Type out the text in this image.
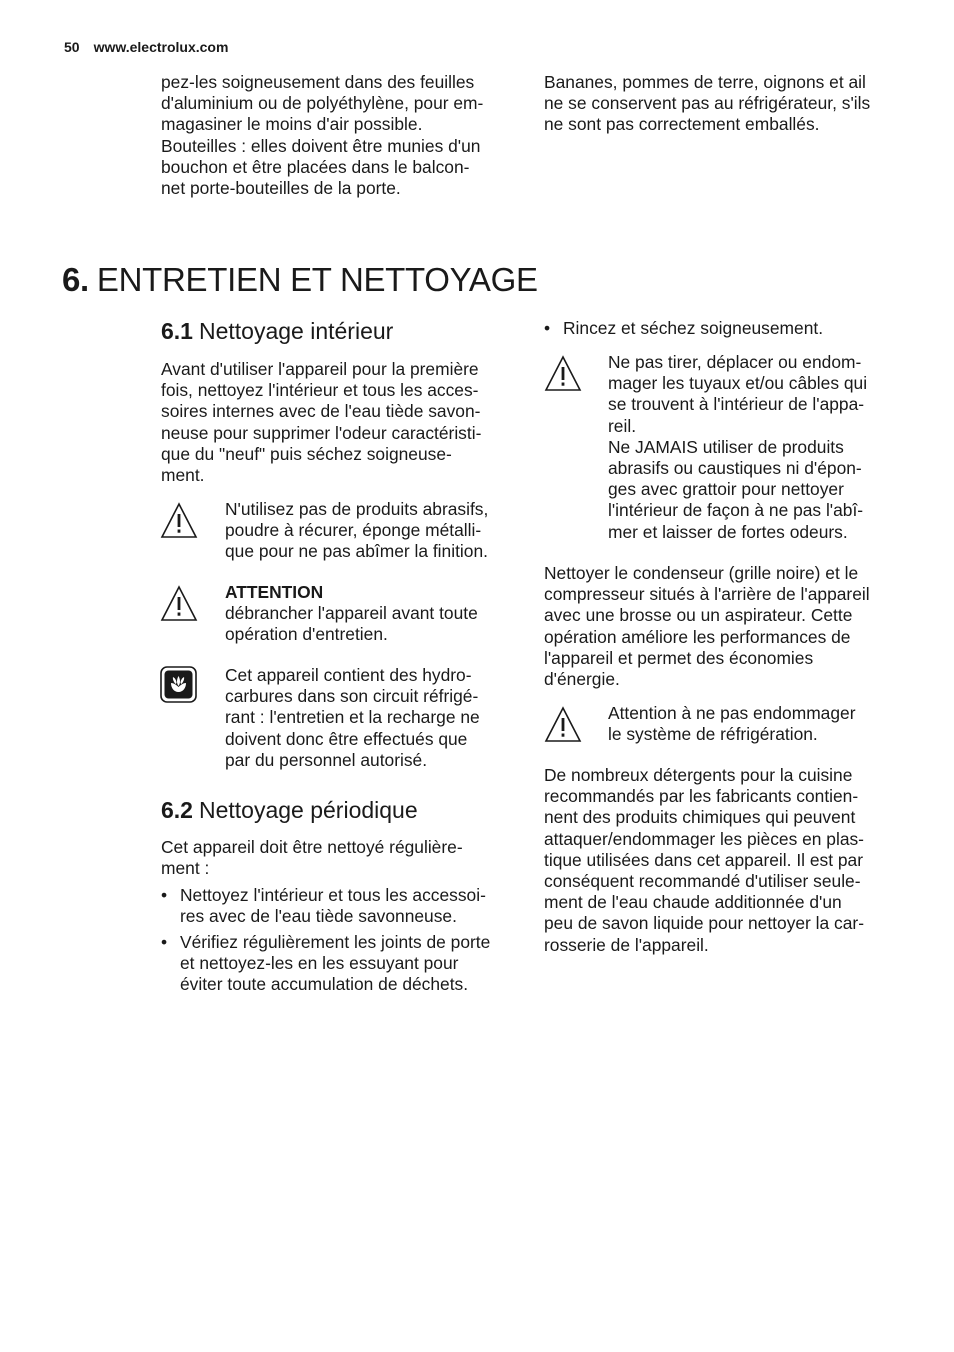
50 www.electrolux.com

pez-les soigneusement dans des feuilles
d'aluminium ou de polyéthylène, pour em-
magasiner le moins d'air possible.
Bouteilles : elles doivent être munies d'un
bouchon et être placées dans le balcon-
net porte-bouteilles de la porte.

Bananes, pommes de terre, oignons et ail
ne se conservent pas au réfrigérateur, s'ils
ne sont pas correctement emballés.

6. ENTRETIEN ET NETTOYAGE
6.1 Nettoyage intérieur

Avant d'utiliser l'appareil pour la première
fois, nettoyez l'intérieur et tous les acces-
soires internes avec de l'eau tiède savon-
neuse pour supprimer l'odeur caractéristi-
que du "neuf" puis séchez soigneuse-
ment.

N'utilisez pas de produits abrasifs,
poudre à récurer, éponge métalli-
que pour ne pas abîmer la finition.

ATTENTION

débrancher l'appareil avant toute
opération d'entretien.

Cet appareil contient des hydro-
carbures dans son circuit réfrigé-
rant : l'entretien et la recharge ne
doivent donc être effectués que
par du personnel autorisé.

6.2 Nettoyage périodique

Cet appareil doit être nettoyé régulière-
ment :

• Nettoyez l'intérieur et tous les accessoi-
res avec de l'eau tiède savonneuse.
• Vérifiez régulièrement les joints de porte
et nettoyez-les en les essuyant pour
éviter toute accumulation de déchets.
• Rincez et séchez soigneusement.

Ne pas tirer, déplacer ou endom-
mager les tuyaux et/ou câbles qui
se trouvent à l'intérieur de l'appa-
reil.
Ne JAMAIS utiliser de produits
abrasifs ou caustiques ni d'épon-
ges avec grattoir pour nettoyer
l'intérieur de façon à ne pas l'abî-
mer et laisser de fortes odeurs.

Nettoyer le condenseur (grille noire) et le
compresseur situés à l'arrière de l'appareil
avec une brosse ou un aspirateur. Cette
opération améliore les performances de
l'appareil et permet des économies
d'énergie.

Attention à ne pas endommager
le système de réfrigération.

De nombreux détergents pour la cuisine
recommandés par les fabricants contien-
nent des produits chimiques qui peuvent
attaquer/endommager les pièces en plas-
tique utilisées dans cet appareil. Il est par
conséquent recommandé d'utiliser seule-
ment de l'eau chaude additionnée d'un
peu de savon liquide pour nettoyer la car-
rosserie de l'appareil.
